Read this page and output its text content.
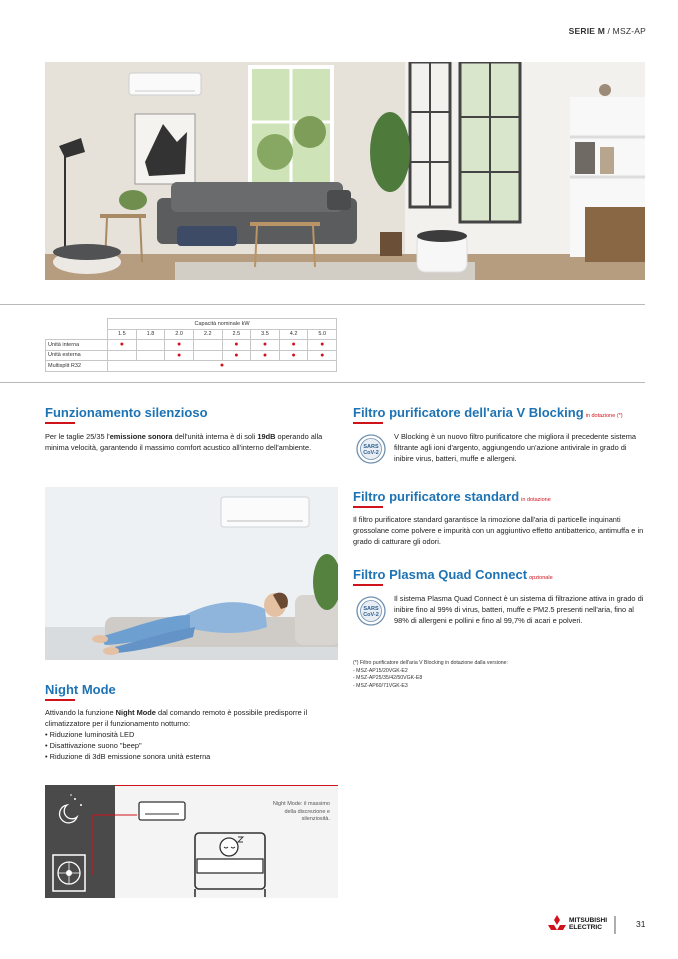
SERIE M / MSZ-AP
	Capacità nominale kW							
	1.5	1.8	2.0	2.2	2.5	3.5	4.2	5.0
Unità interna	●		●		●	●	●	●
Unità esterna			●		●	●	●	●
Multisplit R32	●							
Funzionamento silenzioso
Per le taglie 25/35 l'emissione sonora dell'unità interna è di soli 19dB operando alla minima velocità, garantendo il massimo comfort acustico all'interno dell'ambiente.
Night Mode
Attivando la funzione Night Mode dal comando remoto è possibile predisporre il climatizzatore per il funzionamento notturno:
• Riduzione luminosità LED
• Disattivazione suono "beep"
• Riduzione di 3dB emissione sonora unità esterna
Night Mode: il massimo della discrezione e silenziosità.
Filtro purificatore dell'aria V Blocking in dotazione (*)
SARS
CoV-2
V Blocking è un nuovo filtro purificatore che migliora il precedente sistema filtrante agli ioni d'argento, aggiungendo un'azione antivirale in grado di inibire virus, batteri, muffe e allergeni.
Filtro purificatore standard in dotazione
Il filtro purificatore standard garantisce la rimozione dall'aria di particelle inquinanti grossolane come polvere e impurità con un aggiuntivo effetto antibatterico, antimuffa e in grado di catturare gli odori.
Filtro Plasma Quad Connect opzionale
SARS
CoV-2
Il sistema Plasma Quad Connect è un sistema di filtrazione attiva in grado di inibire fino al 99% di virus, batteri, muffe e PM2.5 presenti nell'aria, fino al 98% di allergeni e pollini e fino al 99,7% di acari e polveri.
(*) Filtro purificatore dell'aria V Blocking in dotazione dalla versione:
- MSZ-AP15/20VGK-E2
- MSZ-AP25/35/42/50VGK-E8
- MSZ-AP60/71VGK-E3
MITSUBISHI
ELECTRIC	31
